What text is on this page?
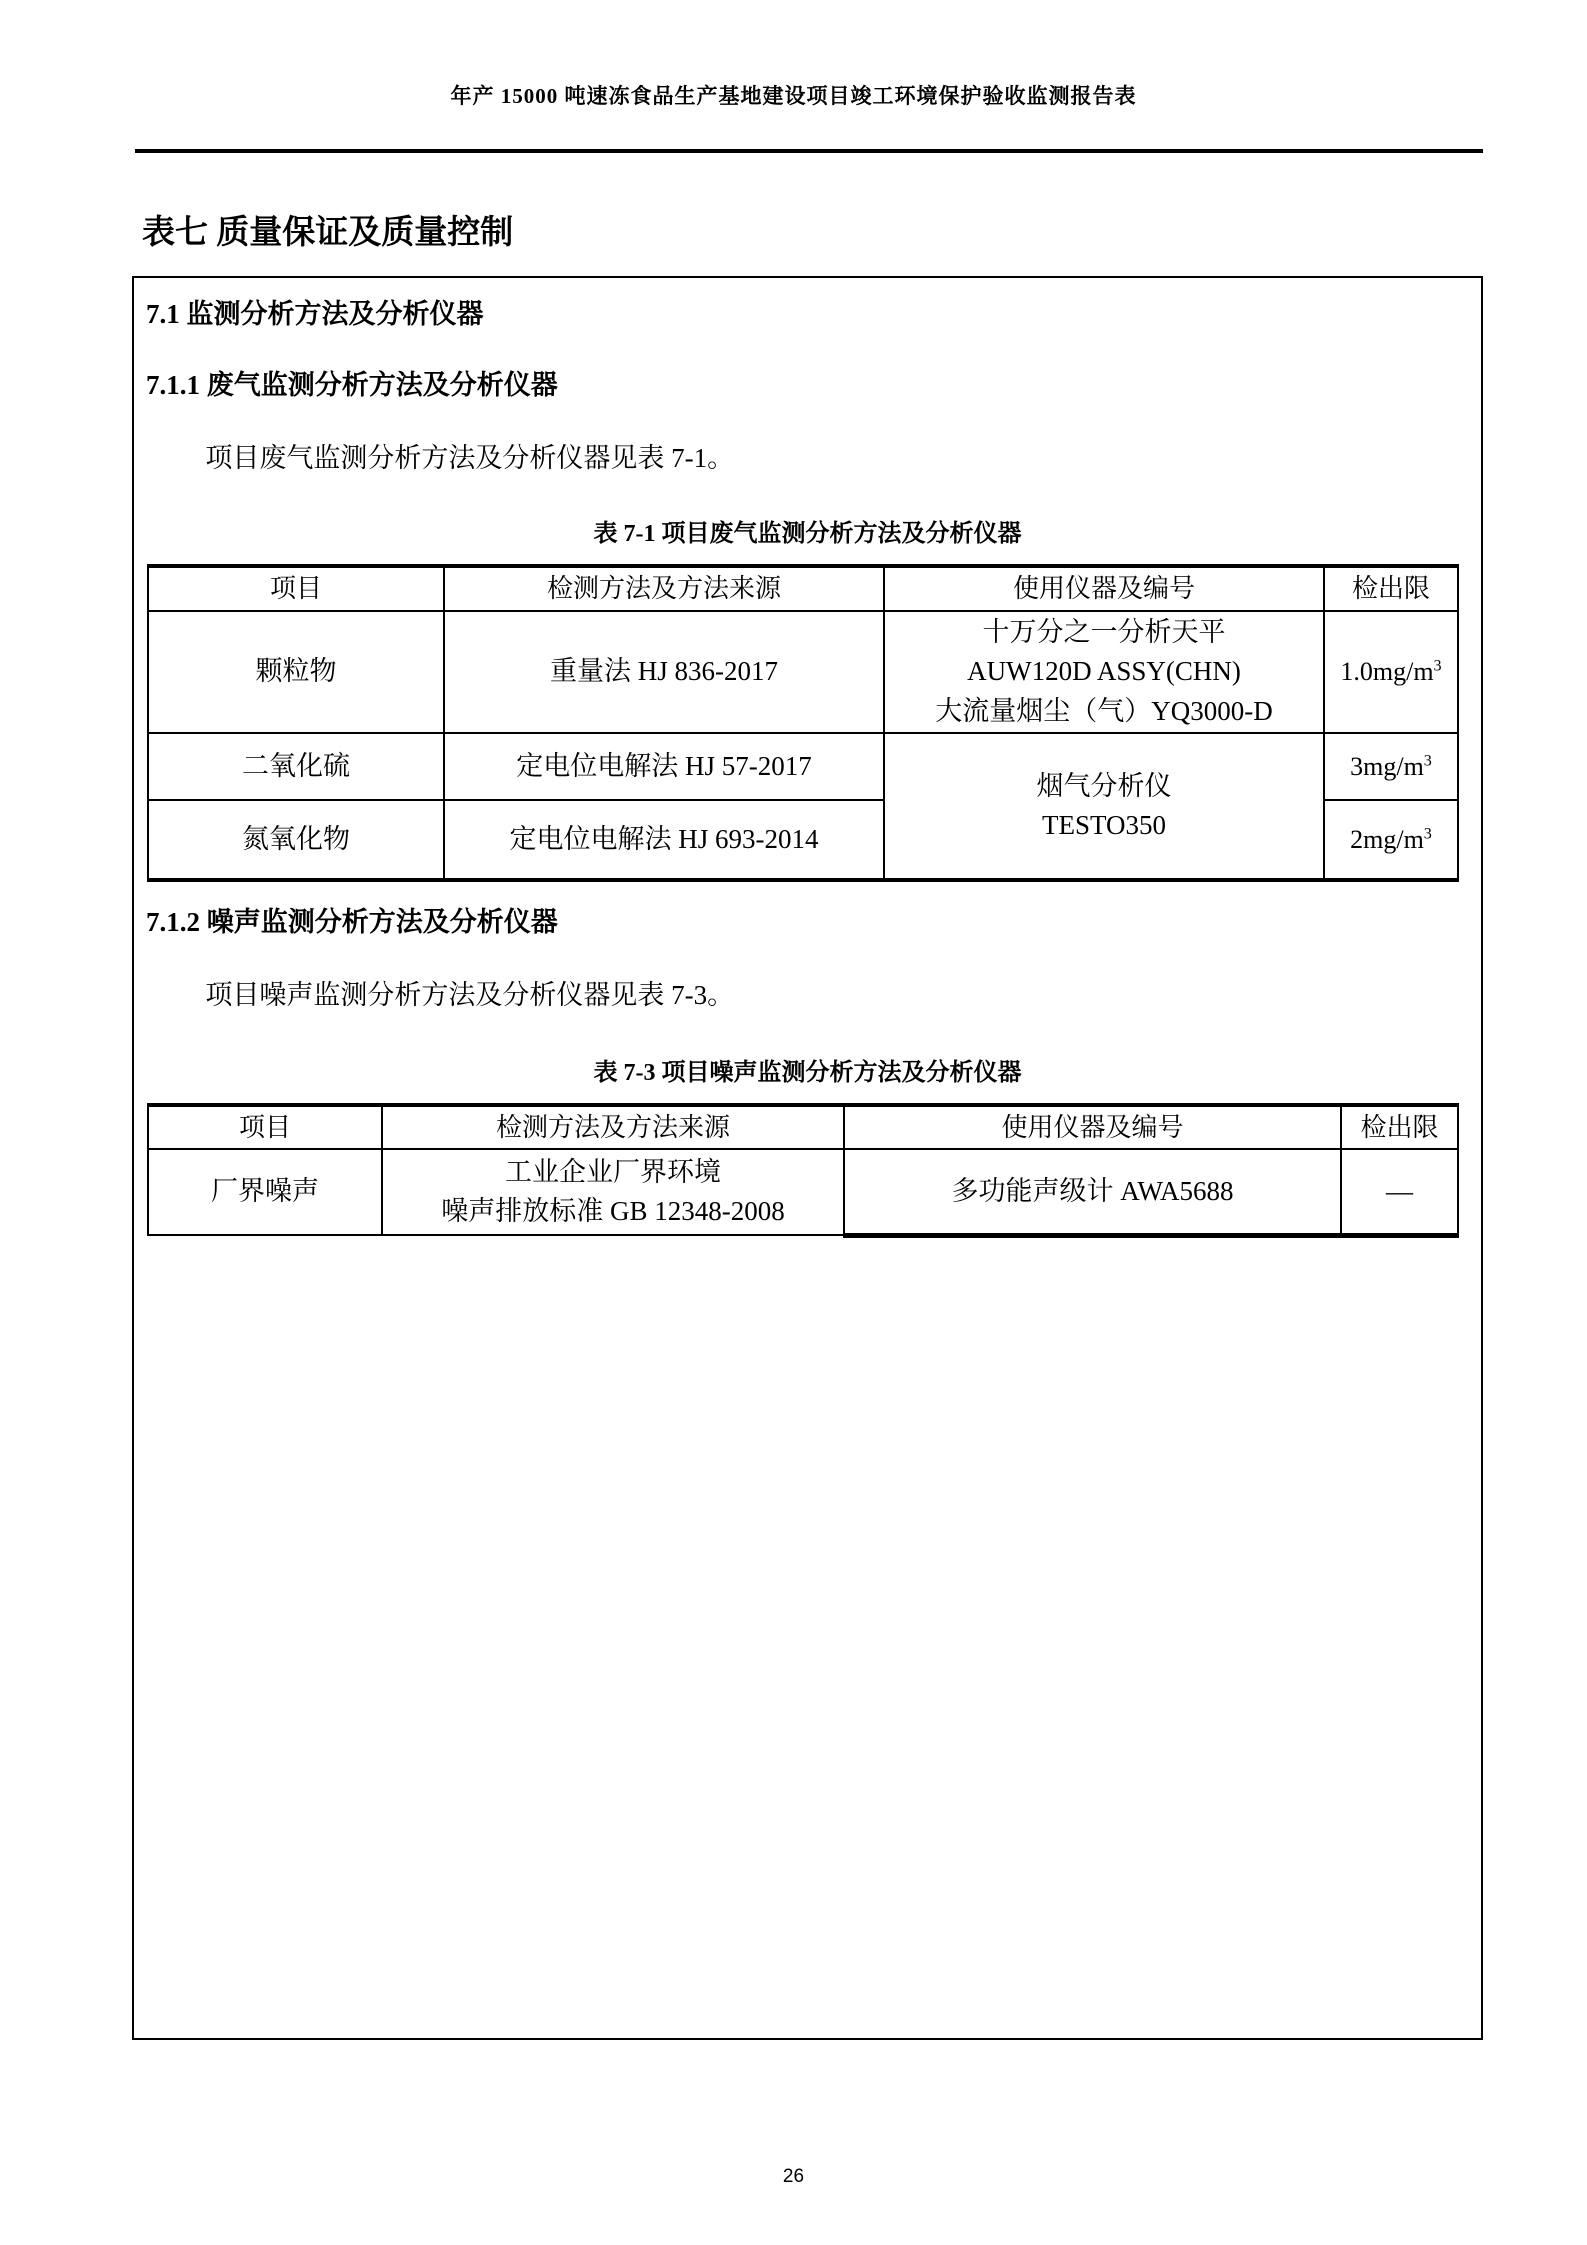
年产 15000 吨速冻食品生产基地建设项目竣工环境保护验收监测报告表
表七 质量保证及质量控制
7.1 监测分析方法及分析仪器
7.1.1 废气监测分析方法及分析仪器
项目废气监测分析方法及分析仪器见表 7-1。
表 7-1 项目废气监测分析方法及分析仪器
项目	检测方法及方法来源	使用仪器及编号	检出限
颗粒物	重量法 HJ 836-2017	十万分之一分析天平
AUW120D ASSY(CHN)
大流量烟尘（气）YQ3000-D	$1.0mg/m^3$
二氧化硫	定电位电解法 HJ 57-2017	烟气分析仪
TESTO350	$3mg/m^3$
氮氧化物	定电位电解法 HJ 693-2014		$2mg/m^3$
7.1.2 噪声监测分析方法及分析仪器
项目噪声监测分析方法及分析仪器见表 7-3。
表 7-3 项目噪声监测分析方法及分析仪器
项目	检测方法及方法来源	使用仪器及编号	检出限
厂界噪声	工业企业厂界环境
噪声排放标准 GB 12348-2008	多功能声级计 AWA5688	—
26
